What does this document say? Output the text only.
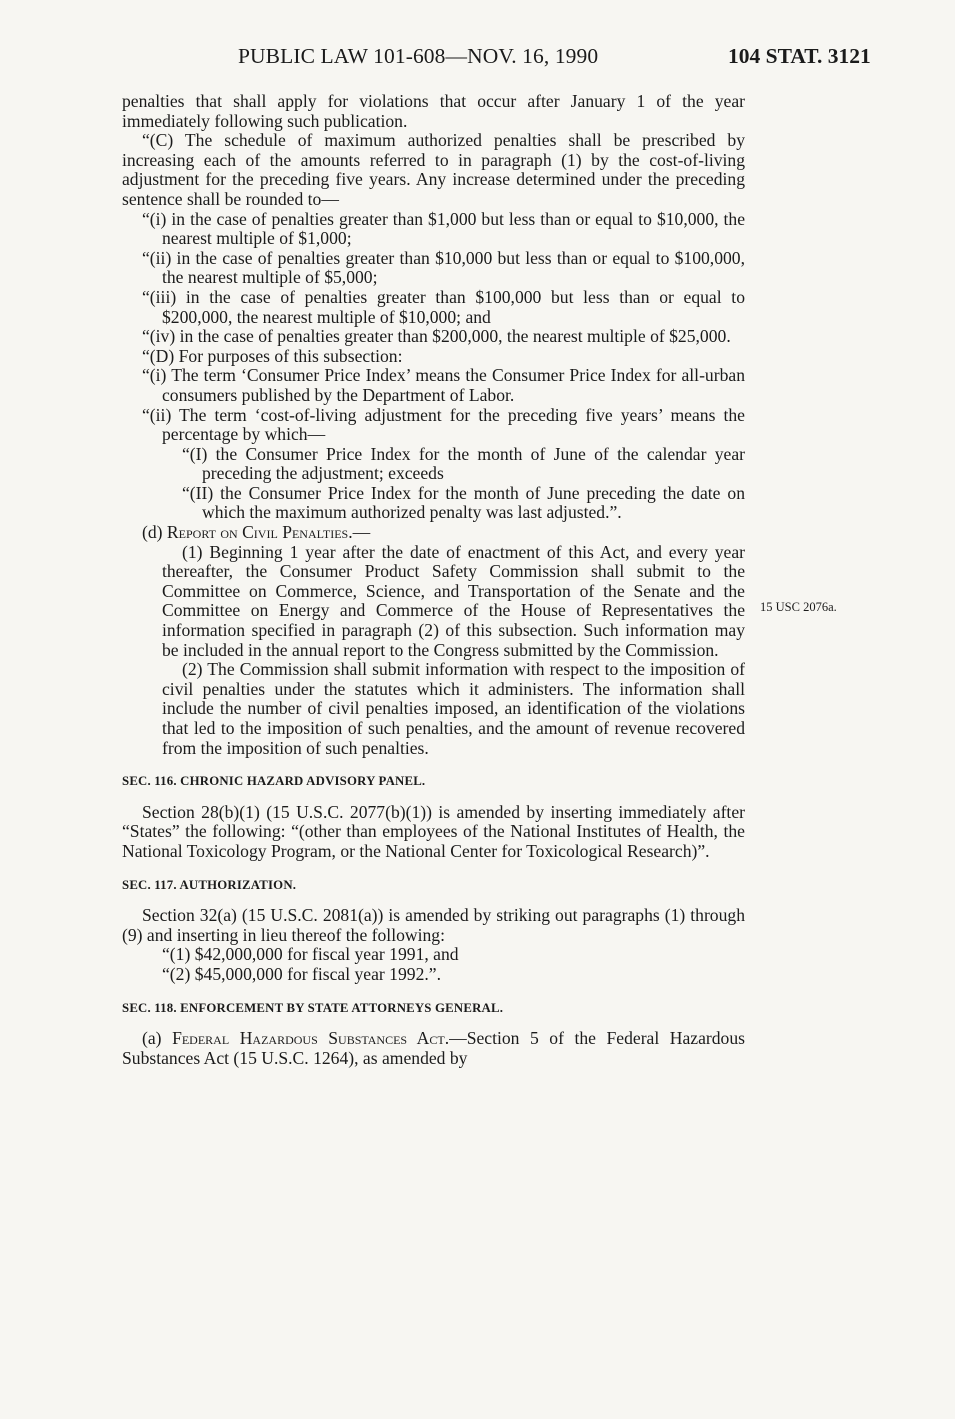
PUBLIC LAW 101-608—NOV. 16, 1990	104 STAT. 3121
15 USC 2076a.

penalties that shall apply for violations that occur after January 1 of the year immediately following such publication.

“(C) The schedule of maximum authorized penalties shall be prescribed by increasing each of the amounts referred to in paragraph (1) by the cost-of-living adjustment for the preceding five years. Any increase determined under the preceding sentence shall be rounded to—

“(i) in the case of penalties greater than $1,000 but less than or equal to $10,000, the nearest multiple of $1,000;

“(ii) in the case of penalties greater than $10,000 but less than or equal to $100,000, the nearest multiple of $5,000;

“(iii) in the case of penalties greater than $100,000 but less than or equal to $200,000, the nearest multiple of $10,000; and

“(iv) in the case of penalties greater than $200,000, the nearest multiple of $25,000.

“(D) For purposes of this subsection:

“(i) The term ‘Consumer Price Index’ means the Consumer Price Index for all-urban consumers published by the Department of Labor.

“(ii) The term ‘cost-of-living adjustment for the preceding five years’ means the percentage by which—

“(I) the Consumer Price Index for the month of June of the calendar year preceding the adjustment; exceeds

“(II) the Consumer Price Index for the month of June preceding the date on which the maximum authorized penalty was last adjusted.”.

(d) Report on Civil Penalties.—

(1) Beginning 1 year after the date of enactment of this Act, and every year thereafter, the Consumer Product Safety Commission shall submit to the Committee on Commerce, Science, and Transportation of the Senate and the Committee on Energy and Commerce of the House of Representatives the information specified in paragraph (2) of this subsection. Such information may be included in the annual report to the Congress submitted by the Commission.

(2) The Commission shall submit information with respect to the imposition of civil penalties under the statutes which it administers. The information shall include the number of civil penalties imposed, an identification of the violations that led to the imposition of such penalties, and the amount of revenue recovered from the imposition of such penalties.

SEC. 116. CHRONIC HAZARD ADVISORY PANEL.

Section 28(b)(1) (15 U.S.C. 2077(b)(1)) is amended by inserting immediately after “States” the following: “(other than employees of the National Institutes of Health, the National Toxicology Program, or the National Center for Toxicological Research)”.

SEC. 117. AUTHORIZATION.

Section 32(a) (15 U.S.C. 2081(a)) is amended by striking out paragraphs (1) through (9) and inserting in lieu thereof the following:

“(1) $42,000,000 for fiscal year 1991, and

“(2) $45,000,000 for fiscal year 1992.”.

SEC. 118. ENFORCEMENT BY STATE ATTORNEYS GENERAL.

(a) Federal Hazardous Substances Act.—Section 5 of the Federal Hazardous Substances Act (15 U.S.C. 1264), as amended by
